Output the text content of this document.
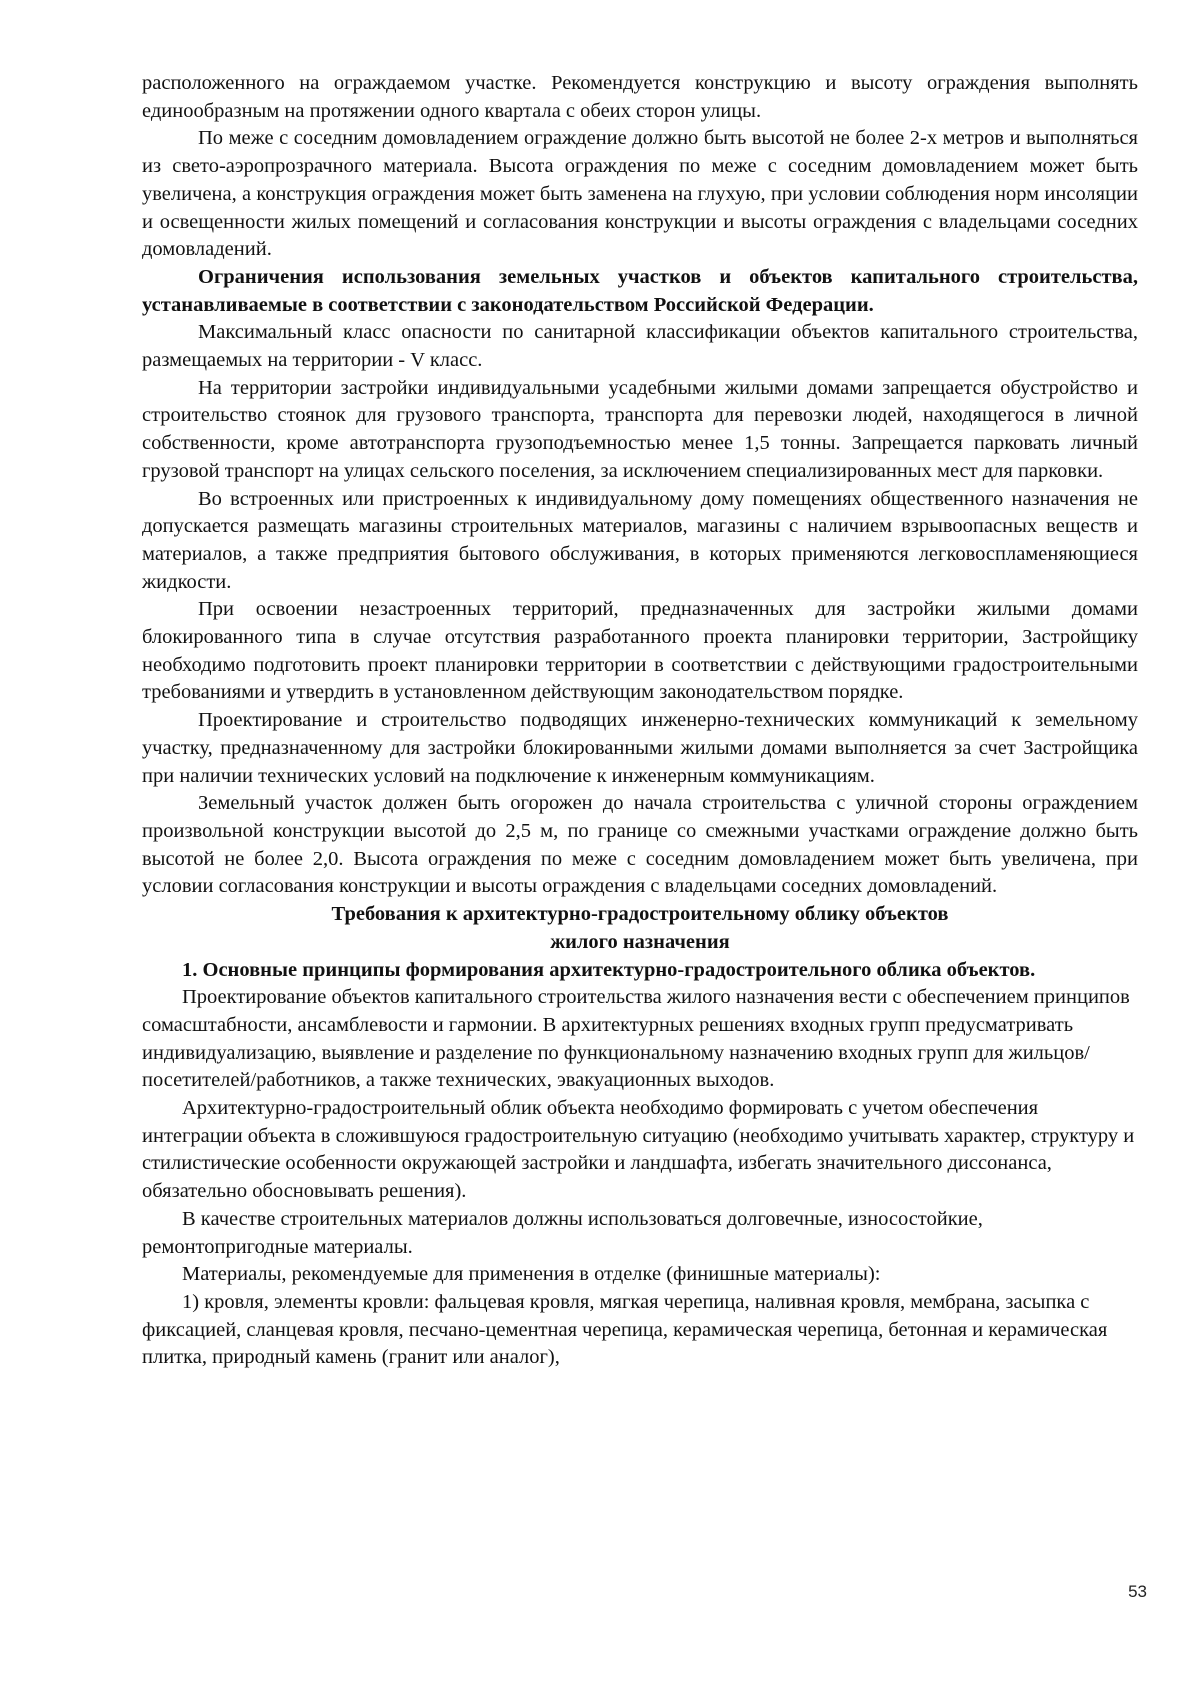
расположенного на ограждаемом участке. Рекомендуется конструкцию и высоту ограждения выполнять единообразным на протяжении одного квартала с обеих сторон улицы.

По меже с соседним домовладением ограждение должно быть высотой не более 2-х метров и выполняться из свето-аэропрозрачного материала. Высота ограждения по меже с соседним домовладением может быть увеличена, а конструкция ограждения может быть заменена на глухую, при условии соблюдения норм инсоляции и освещенности жилых помещений и согласования конструкции и высоты ограждения с владельцами соседних домовладений.

Ограничения использования земельных участков и объектов капитального строительства, устанавливаемые в соответствии с законодательством Российской Федерации.

Максимальный класс опасности по санитарной классификации объектов капитального строительства, размещаемых на территории - V класс.

На территории застройки индивидуальными усадебными жилыми домами запрещается обустройство и строительство стоянок для грузового транспорта, транспорта для перевозки людей, находящегося в личной собственности, кроме автотранспорта грузоподъемностью менее 1,5 тонны. Запрещается парковать личный грузовой транспорт на улицах сельского поселения, за исключением специализированных мест для парковки.

Во встроенных или пристроенных к индивидуальному дому помещениях общественного назначения не допускается размещать магазины строительных материалов, магазины с наличием взрывоопасных веществ и материалов, а также предприятия бытового обслуживания, в которых применяются легковоспламеняющиеся жидкости.

При освоении незастроенных территорий, предназначенных для застройки жилыми домами блокированного типа в случае отсутствия разработанного проекта планировки территории, Застройщику необходимо подготовить проект планировки территории в соответствии с действующими градостроительными требованиями и утвердить в установленном действующим законодательством порядке.

Проектирование и строительство подводящих инженерно-технических коммуникаций к земельному участку, предназначенному для застройки блокированными жилыми домами выполняется за счет Застройщика при наличии технических условий на подключение к инженерным коммуникациям.

Земельный участок должен быть огорожен до начала строительства с уличной стороны ограждением произвольной конструкции высотой до 2,5 м, по границе со смежными участками ограждение должно быть высотой не более 2,0. Высота ограждения по меже с соседним домовладением может быть увеличена, при условии согласования конструкции и высоты ограждения с владельцами соседних домовладений.

Требования к архитектурно-градостроительному облику объектов

жилого назначения

1. Основные принципы формирования архитектурно-градостроительного облика объектов.

Проектирование объектов капитального строительства жилого назначения вести с обеспечением принципов сомасштабности, ансамблевости и гармонии. В архитектурных решениях входных групп предусматривать индивидуализацию, выявление и разделение по функциональному назначению входных групп для жильцов/посетителей/работников, а также технических, эвакуационных выходов.

Архитектурно-градостроительный облик объекта необходимо формировать с учетом обеспечения интеграции объекта в сложившуюся градостроительную ситуацию (необходимо учитывать характер, структуру и стилистические особенности окружающей застройки и ландшафта, избегать значительного диссонанса, обязательно обосновывать решения).

В качестве строительных материалов должны использоваться долговечные, износостойкие, ремонтопригодные материалы.

Материалы, рекомендуемые для применения в отделке (финишные материалы):

1) кровля, элементы кровли: фальцевая кровля, мягкая черепица, наливная кровля, мембрана, засыпка с фиксацией, сланцевая кровля, песчано-цементная черепица, керамическая черепица, бетонная и керамическая плитка, природный камень (гранит или аналог),

53
